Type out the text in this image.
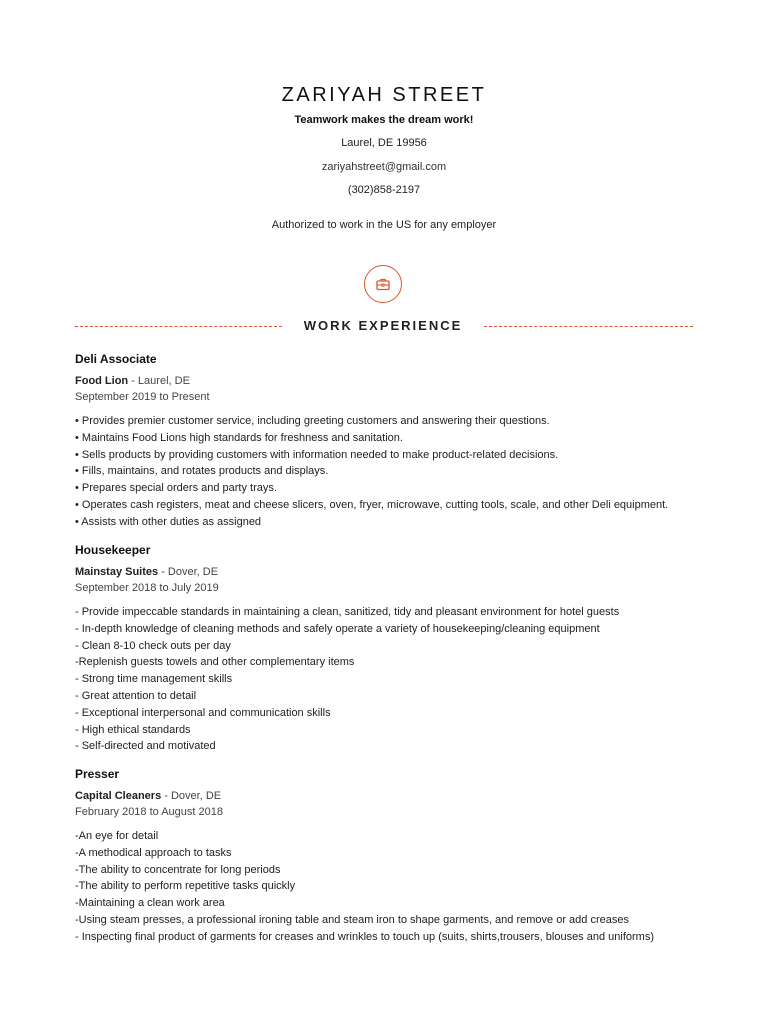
ZARIYAH STREET
Teamwork makes the dream work!
Laurel, DE 19956
zariyahstreet@gmail.com
(302)858-2197
Authorized to work in the US for any employer
WORK EXPERIENCE
Deli Associate
Food Lion - Laurel, DE
September 2019 to Present
• Provides premier customer service, including greeting customers and answering their questions.
• Maintains Food Lions high standards for freshness and sanitation.
• Sells products by providing customers with information needed to make product-related decisions.
• Fills, maintains, and rotates products and displays.
• Prepares special orders and party trays.
• Operates cash registers, meat and cheese slicers, oven, fryer, microwave, cutting tools, scale, and other Deli equipment.
• Assists with other duties as assigned
Housekeeper
Mainstay Suites - Dover, DE
September 2018 to July 2019
- Provide impeccable standards in maintaining a clean, sanitized, tidy and pleasant environment for hotel guests
- In-depth knowledge of cleaning methods and safely operate a variety of housekeeping/cleaning equipment
- Clean 8-10 check outs per day
-Replenish guests towels and other complementary items
- Strong time management skills
- Great attention to detail
- Exceptional interpersonal and communication skills
- High ethical standards
- Self-directed and motivated
Presser
Capital Cleaners - Dover, DE
February 2018 to August 2018
-An eye for detail
-A methodical approach to tasks
-The ability to concentrate for long periods
-The ability to perform repetitive tasks quickly
-Maintaining a clean work area
-Using steam presses, a professional ironing table and steam iron to shape garments, and remove or add creases
- Inspecting final product of garments for creases and wrinkles to touch up (suits, shirts,trousers, blouses and uniforms)
